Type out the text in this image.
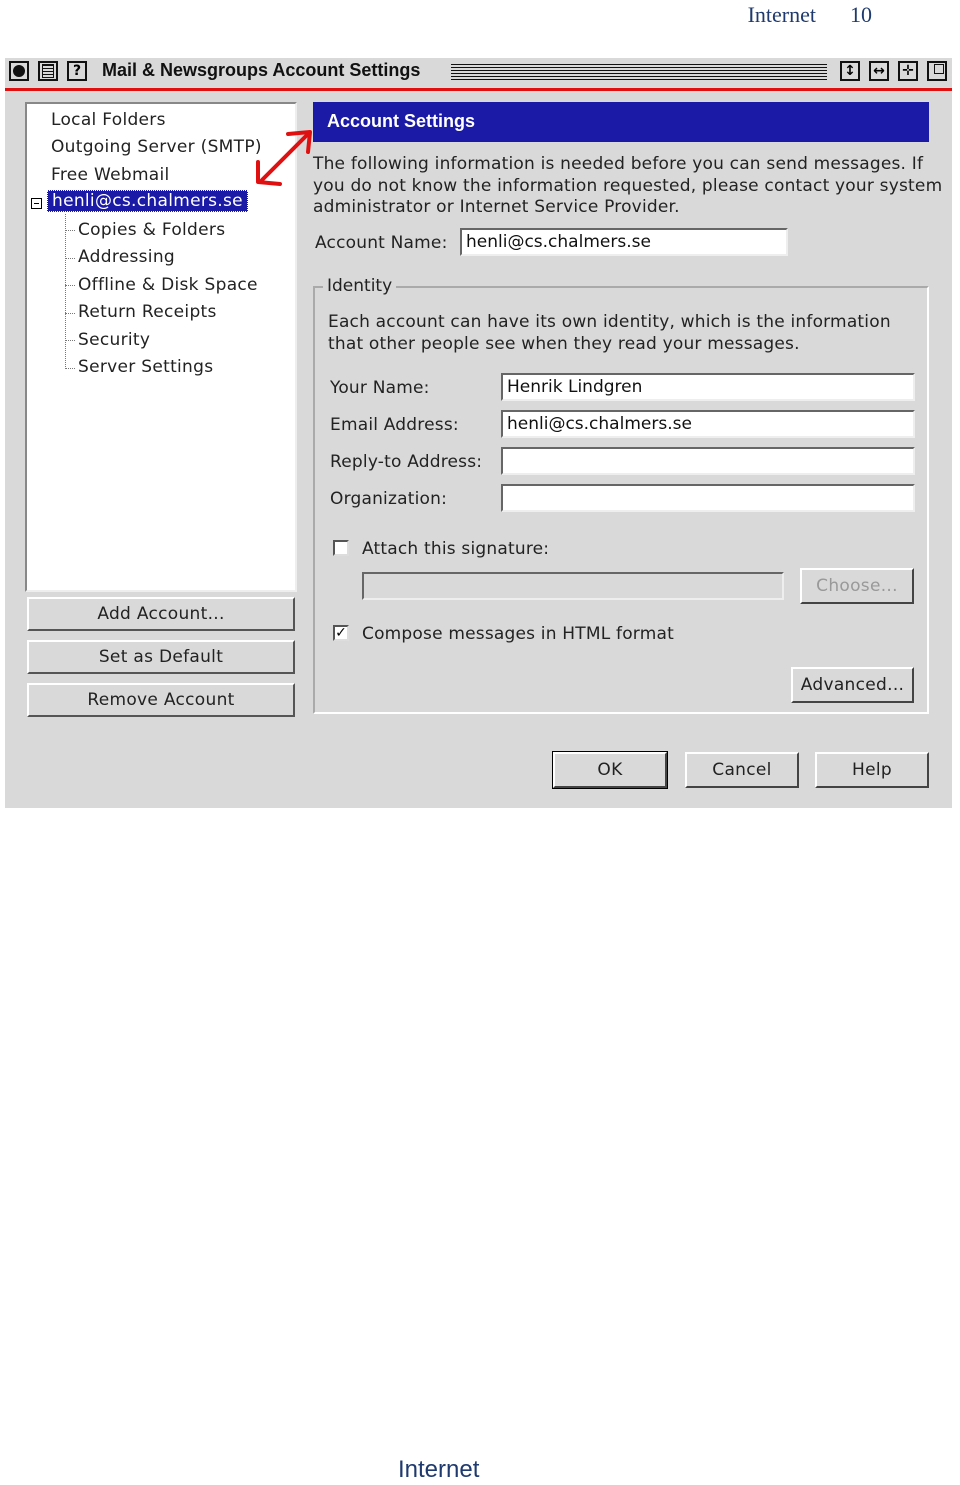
Internet 10
?	Mail & Newsgroups Account Settings	↕ ↔ ✛
Local Folders
Outgoing Server (SMTP)
Free Webmail
henli@cs.chalmers.se
Copies & Folders
Addressing
Offline & Disk Space
Return Receipts
Security
Server Settings
Add Account...
Set as Default
Remove Account
Account Settings
The following information is needed before you can send messages. If
you do not know the information requested, please contact your system
administrator or Internet Service Provider.
Account Name:	henli@cs.chalmers.se
Identity
Each account can have its own identity, which is the information
that other people see when they read your messages.
Your Name:	Henrik Lindgren
Email Address:	henli@cs.chalmers.se
Reply-to Address:
Organization:
Attach this signature:
Choose...
✓ Compose messages in HTML format
Advanced...
OK	Cancel	Help
Internet
